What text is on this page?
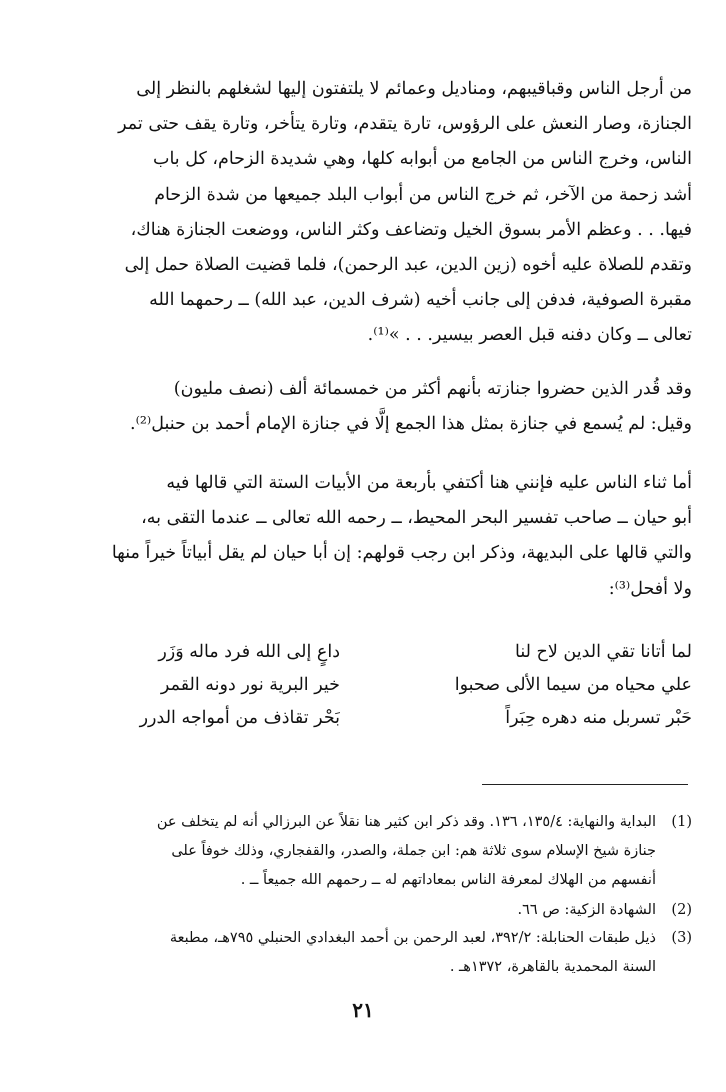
من أرجل الناس وقباقيبهم، ومناديل وعمائم لا يلتفتون إليها لشغلهم بالنظر إلى
الجنازة، وصار النعش على الرؤوس، تارة يتقدم، وتارة يتأخر، وتارة يقف حتى تمر
الناس، وخرج الناس من الجامع من أبوابه كلها، وهي شديدة الزحام، كل باب
أشد زحمة من الآخر، ثم خرج الناس من أبواب البلد جميعها من شدة الزحام
فيها. . . وعظم الأمر بسوق الخيل وتضاعف وكثر الناس، ووضعت الجنازة هناك،
وتقدم للصلاة عليه أخوه (زين الدين، عبد الرحمن)، فلما قضيت الصلاة حمل إلى
مقبرة الصوفية، فدفن إلى جانب أخيه (شرف الدين، عبد الله) ــ رحمهما الله
تعالى ــ وكان دفنه قبل العصر بيسير. . . »⁽¹⁾.
وقد قُدر الذين حضروا جنازته بأنهم أكثر من خمسمائة ألف (نصف مليون)
وقيل: لم يُسمع في جنازة بمثل هذا الجمع إلَّا في جنازة الإمام أحمد بن حنبل⁽²⁾.
أما ثناء الناس عليه فإنني هنا أكتفي بأربعة من الأبيات الستة التي قالها فيه
أبو حيان ــ صاحب تفسير البحر المحيط، ــ رحمه الله تعالى ــ عندما التقى به،
والتي قالها على البديهة، وذكر ابن رجب قولهم: إن أبا حيان لم يقل أبياتاً خيراً منها
ولا أفحل⁽³⁾:
لما أتانا تقي الدين لاح لنا
داعٍ إلى الله فرد ماله وَزَر
علي محياه من سيما الألى صحبوا
خير البرية نور دونه القمر
حَبْر تسربل منه دهره حِبَراً
بَحْر تقاذف من أمواجه الدرر
(1)
البداية والنهاية: ١٣٥/٤، ١٣٦. وقد ذكر ابن كثير هنا نقلاً عن البرزالي أنه لم يتخلف عن
جنازة شيخ الإسلام سوى ثلاثة هم: ابن جملة، والصدر، والقفجاري، وذلك خوفاً على
أنفسهم من الهلاك لمعرفة الناس بمعاداتهم له ــ رحمهم الله جميعاً ــ .
(2)
الشهادة الزكية: ص ٦٦.
(3)
ذيل طبقات الحنابلة: ٣٩٢/٢، لعبد الرحمن بن أحمد البغدادي الحنبلي ٧٩٥هـ، مطبعة
السنة المحمدية بالقاهرة، ١٣٧٢هـ .
٢١
